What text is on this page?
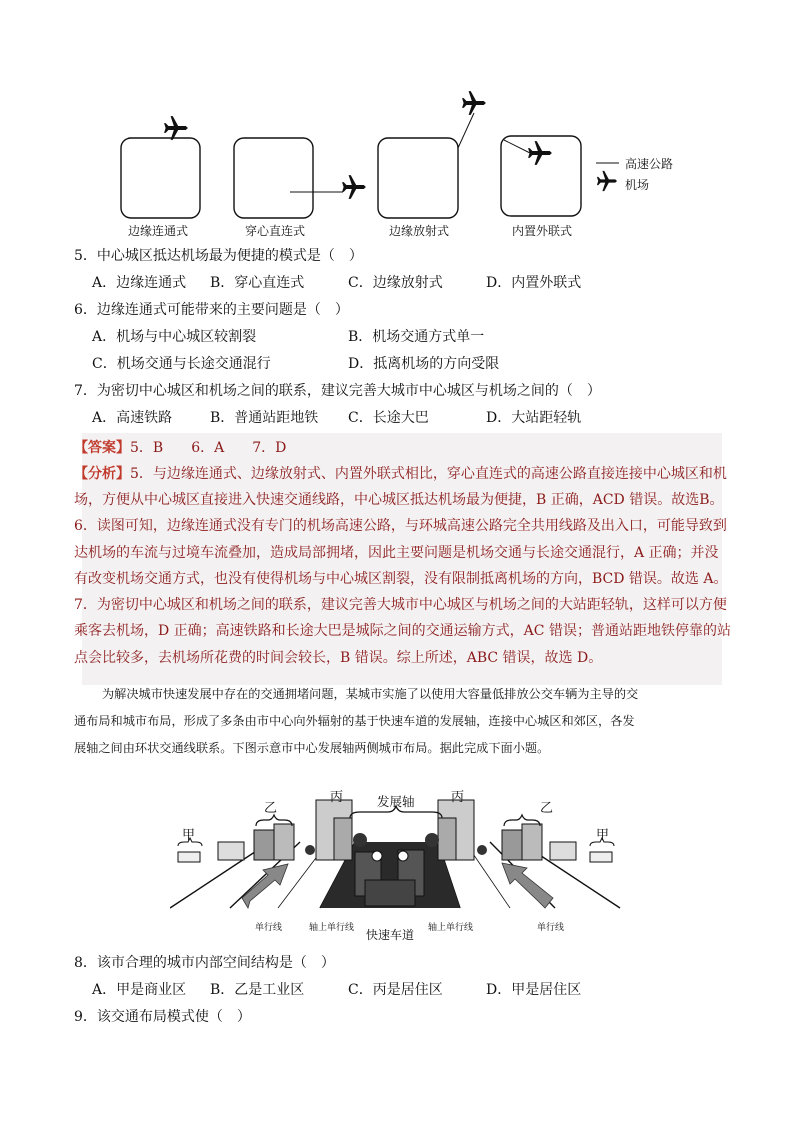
边缘连通式	穿心直连式	边缘放射式	内置外联式
高速公路
机场
5．中心城区抵达机场最为便捷的模式是（　）
A．边缘连通式 B．穿心直连式	C．边缘放射式	D．内置外联式
6．边缘连通式可能带来的主要问题是（　）
A．机场与中心城区较割裂	B．机场交通方式单一
C．机场交通与长途交通混行	D．抵离机场的方向受限
7．为密切中心城区和机场之间的联系，建议完善大城市中心城区与机场之间的（　）
A．高速铁路	B．普通站距地铁 C．长途大巴	D．大站距轻轨
【答案】5．B　　6．A　　7．D
【分析】5．与边缘连通式、边缘放射式、内置外联式相比，穿心直连式的高速公路直接连接中心城区和机
场，方便从中心城区直接进入快速交通线路，中心城区抵达机场最为便捷，B 正确，ACD 错误。故选B。
6．读图可知，边缘连通式没有专门的机场高速公路，与环城高速公路完全共用线路及出入口，可能导致到
达机场的车流与过境车流叠加，造成局部拥堵，因此主要问题是机场交通与长途交通混行，A 正确；并没
有改变机场交通方式，也没有使得机场与中心城区割裂，没有限制抵离机场的方向，BCD 错误。故选 A。
7．为密切中心城区和机场之间的联系，建议完善大城市中心城区与机场之间的大站距轻轨，这样可以方便
乘客去机场，D 正确；高速铁路和长途大巴是城际之间的交通运输方式，AC 错误；普通站距地铁停靠的站
点会比较多，去机场所花费的时间会较长，B 错误。综上所述，ABC 错误，故选 D。
为解决城市快速发展中存在的交通拥堵问题，某城市实施了以使用大容量低排放公交车辆为主导的交
通布局和城市布局，形成了多条由市中心向外辐射的基于快速车道的发展轴，连接中心城区和郊区，各发
展轴之间由环状交通线联系。下图示意市中心发展轴两侧城市布局。据此完成下面小题。
发展轴
丙	丙
乙	乙
甲	甲
单行线	轴上单行线 快速车道 轴上单行线	单行线
8．该市合理的城市内部空间结构是（　）
A．甲是商业区 B．乙是工业区	C．丙是居住区	D．甲是居住区
9．该交通布局模式使（　）
